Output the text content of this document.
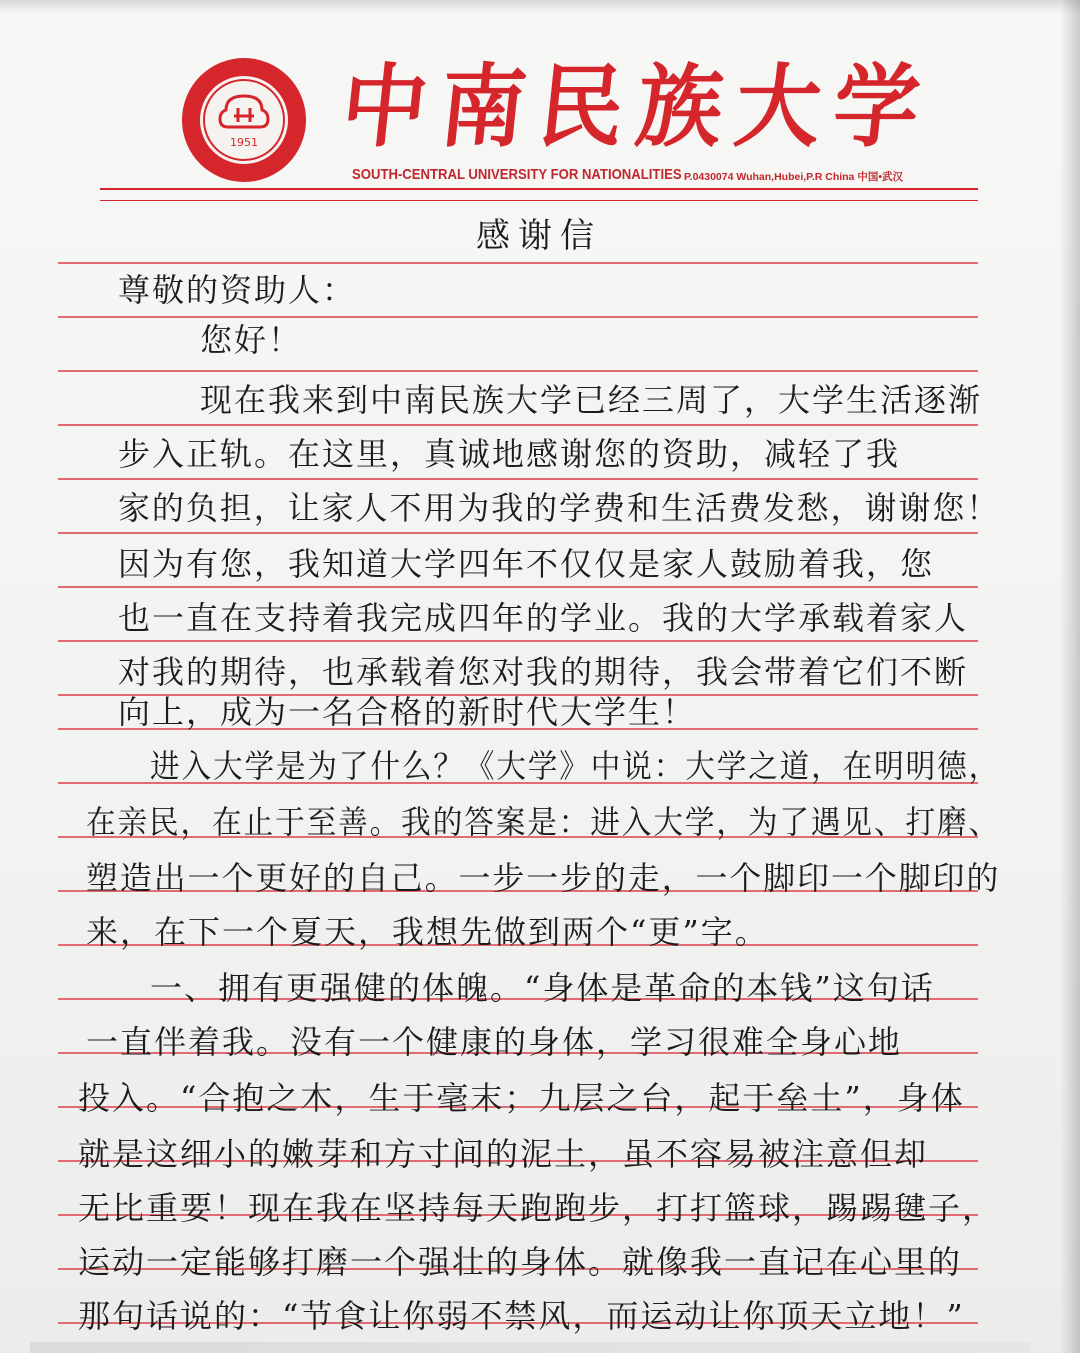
1951 中南民族大学
SOUTH-CENTRAL UNIVERSITY FOR NATIONALITIES P.0430074 Wuhan,Hubei,P.R China 中国•武汉
感谢信
尊敬的资助人：
您好！
现在我来到中南民族大学已经三周了，大学生活逐渐
步入正轨。在这里，真诚地感谢您的资助，减轻了我
家的负担，让家人不用为我的学费和生活费发愁，谢谢您！
因为有您，我知道大学四年不仅仅是家人鼓励着我，您
也一直在支持着我完成四年的学业。我的大学承载着家人
对我的期待，也承载着您对我的期待，我会带着它们不断
向上，成为一名合格的新时代大学生！
进入大学是为了什么？《大学》中说：大学之道，在明明德，
在亲民，在止于至善。我的答案是：进入大学，为了遇见、打磨、
塑造出一个更好的自己。一步一步的走，一个脚印一个脚印的
来，在下一个夏天，我想先做到两个“更”字。
一、拥有更强健的体魄。“身体是革命的本钱”这句话
一直伴着我。没有一个健康的身体，学习很难全身心地
投入。“合抱之木，生于毫末；九层之台，起于垒土”，身体
就是这细小的嫩芽和方寸间的泥土，虽不容易被注意但却
无比重要！现在我在坚持每天跑跑步，打打篮球，踢踢毽子，
运动一定能够打磨一个强壮的身体。就像我一直记在心里的
那句话说的：“节食让你弱不禁风，而运动让你顶天立地！”
